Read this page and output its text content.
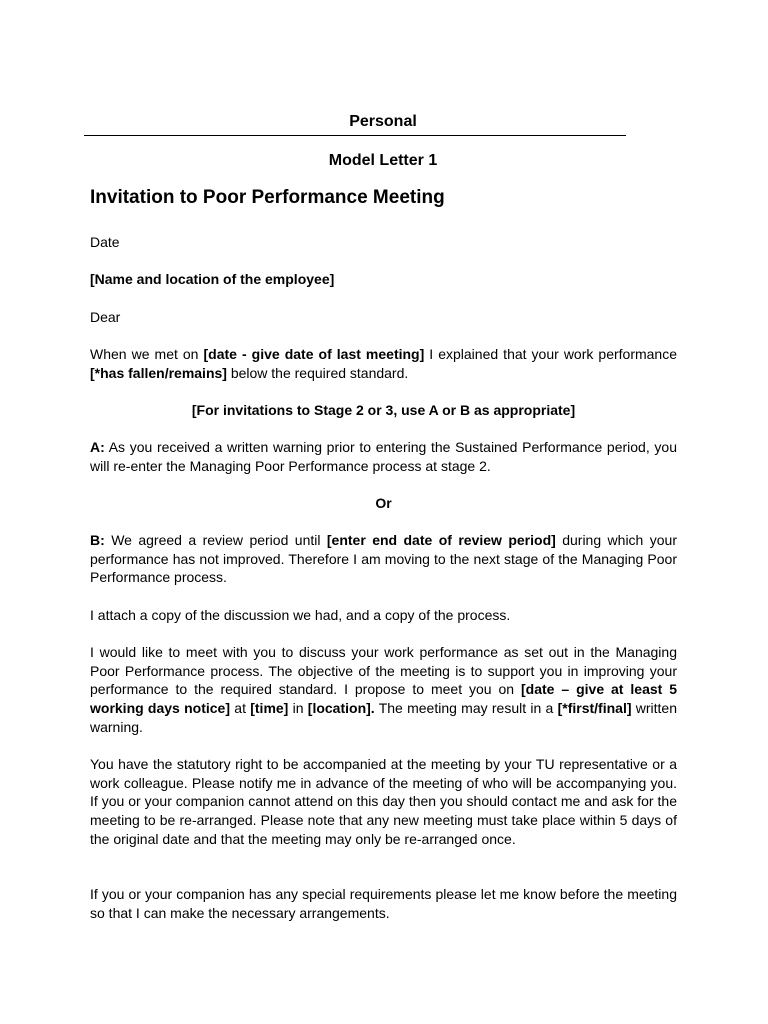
Personal

Model Letter 1

Invitation to Poor Performance Meeting

Date

[Name and location of the employee]

Dear

When we met on [date - give date of last meeting] I explained that your work performance [*has fallen/remains] below the required standard.

[For invitations to Stage 2 or 3, use A or B as appropriate]

A: As you received a written warning prior to entering the Sustained Performance period, you will re-enter the Managing Poor Performance process at stage 2.

Or

B: We agreed a review period until [enter end date of review period] during which your performance has not improved. Therefore I am moving to the next stage of the Managing Poor Performance process.

I attach a copy of the discussion we had, and a copy of the process.

I would like to meet with you to discuss your work performance as set out in the Managing Poor Performance process. The objective of the meeting is to support you in improving your performance to the required standard. I propose to meet you on [date – give at least 5 working days notice] at [time] in [location]. The meeting may result in a [*first/final] written warning.

You have the statutory right to be accompanied at the meeting by your TU representative or a work colleague. Please notify me in advance of the meeting of who will be accompanying you. If you or your companion cannot attend on this day then you should contact me and ask for the meeting to be re-arranged. Please note that any new meeting must take place within 5 days of the original date and that the meeting may only be re-arranged once.

If you or your companion has any special requirements please let me know before the meeting so that I can make the necessary arrangements.
